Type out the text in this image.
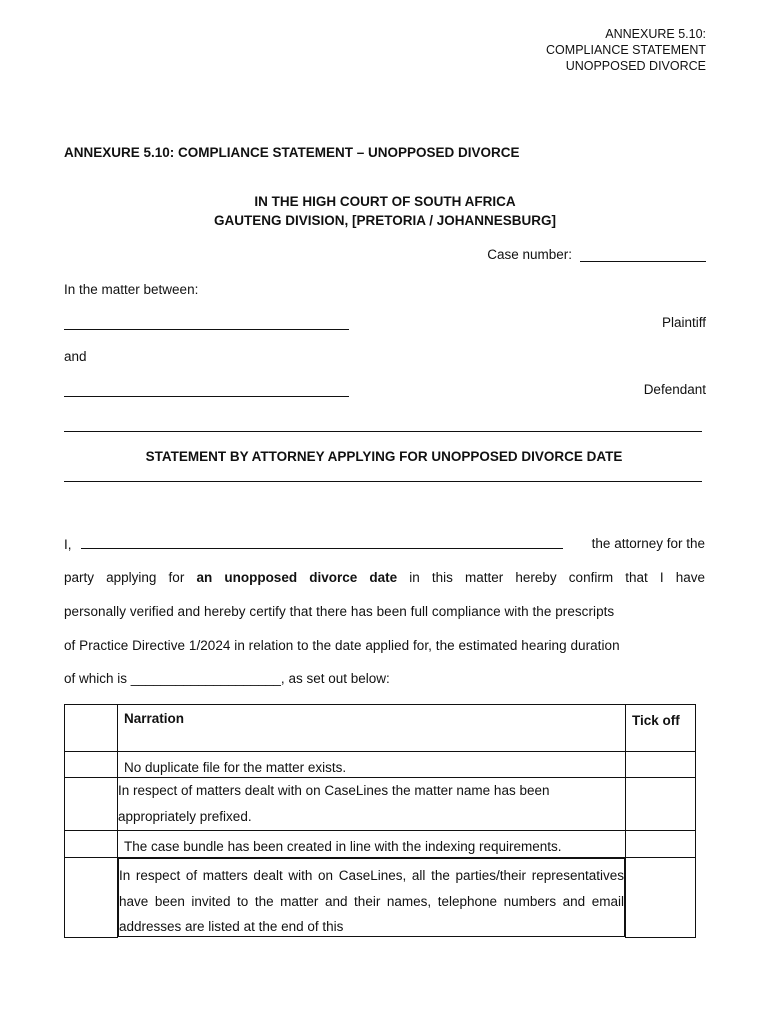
ANNEXURE 5.10:
COMPLIANCE STATEMENT
UNOPPOSED DIVORCE
ANNEXURE 5.10: COMPLIANCE STATEMENT – UNOPPOSED DIVORCE
IN THE HIGH COURT OF SOUTH AFRICA
GAUTENG DIVISION, [PRETORIA / JOHANNESBURG]
Case number:
In the matter between:
Plaintiff
and
Defendant
STATEMENT BY ATTORNEY APPLYING FOR UNOPPOSED DIVORCE DATE
I,	the attorney for the
party applying for an unopposed divorce date in this matter hereby confirm that I have
personally verified and hereby certify that there has been full compliance with the prescripts
of Practice Directive 1/2024 in relation to the date applied for, the estimated hearing duration
of which is ____________________, as set out below:
	Narration	Tick off

	No duplicate file for the matter exists.	
	In respect of matters dealt with on CaseLines the matter name has been appropriately prefixed.	
	The case bundle has been created in line with the indexing requirements.	

In respect of matters dealt with on CaseLines, all the parties/their representatives have been invited to the matter and their names, telephone numbers and email addresses are listed at the end of this
